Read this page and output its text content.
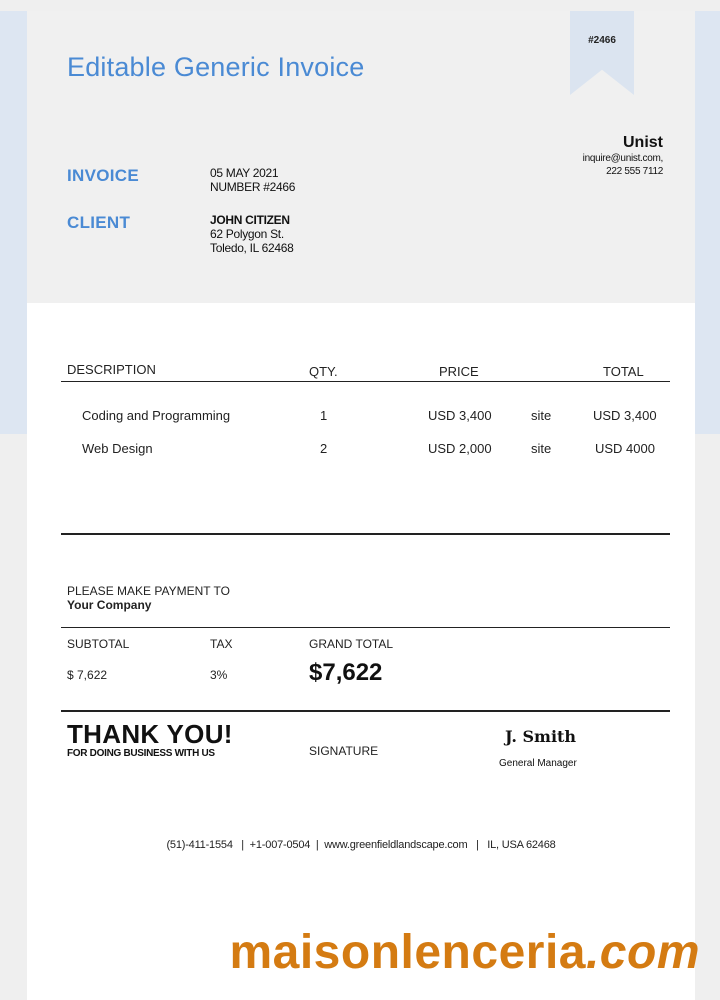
Editable Generic Invoice
#2466
Unist
inquire@unist.com,
222 555 7112
INVOICE	05 MAY 2021
NUMBER #2466
CLIENT	JOHN CITIZEN
62 Polygon St.
Toledo, IL 62468
DESCRIPTION	QTY.	PRICE	TOTAL
Coding and Programming	1	USD 3,400	site	USD 3,400
Web Design	2	USD 2,000	site	USD 4000
PLEASE MAKE PAYMENT TO
Your Company
SUBTOTAL	TAX	GRAND TOTAL
$ 7,622	3%	$7,622
THANK YOU!
FOR DOING BUSINESS WITH US	SIGNATURE
J. Smith
General Manager
(51)-411-1554   |  +1-007-0504  |  www.greenfieldlandscape.com   |   IL, USA 62468
maisonlenceria.com
